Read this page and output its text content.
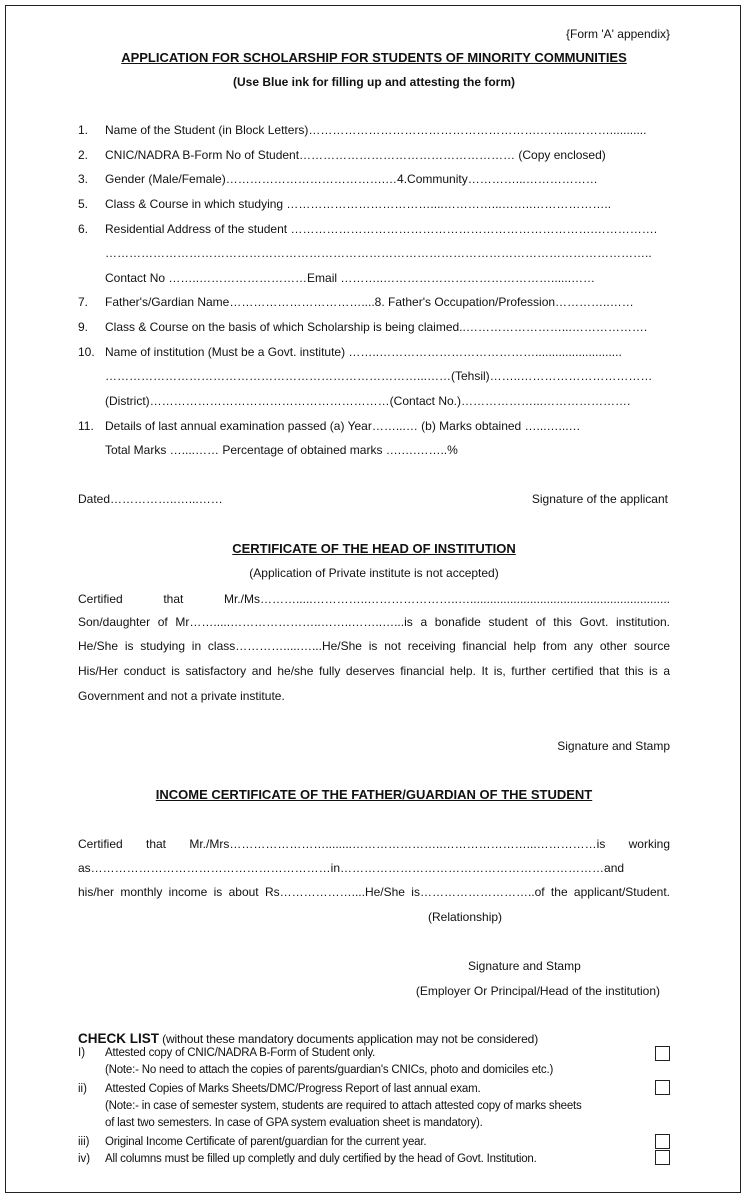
{Form 'A' appendix}
APPLICATION FOR SCHOLARSHIP FOR STUDENTS OF MINORITY COMMUNITIES
(Use Blue ink for filling up and attesting the form)
1. Name of the Student (in Block Letters)………………………………………………….……...………...........
2. CNIC/NADRA B-Form No of Student……………………………………………… (Copy enclosed)
3. Gender (Male/Female)………………………………….…4.Community…………...………………
5. Class & Course in which studying ………………………………....…………...……..………………..
6. Residential Address of the student ………………………………………………………………….…………….
………………………………………………………………………………………………………………………..
Contact No ……..………………………Email ………..……………………………………......……
7. Father's/Gardian Name……………………………....8. Father's Occupation/Profession…………..……
9. Class & Course on the basis of which Scholarship is being claimed..……………………...……………….
10. Name of institution (Must be a Govt. institute) ……..…………………………………..........................
……………………………………………………………………...……(Tehsil)……..……………………………
(District)……………………………………………………(Contact No.)………………...………………….
11. Details of last annual examination passed (a) Year……...… (b) Marks obtained …...…...…
Total Marks …....…… Percentage of obtained marks ….….……..%
Dated……………..…...……	Signature of the applicant
CERTIFICATE OF THE HEAD OF INSTITUTION
(Application of Private institute is not accepted)
Certified that Mr./Ms……….....…………..…………………..…............................................................
Son/daughter of Mr…….....…………………..……..……..…...is a bonafide student of this Govt. institution.
He/She is studying in class………….....…...He/She is not receiving financial help from any other source
His/Her conduct is satisfactory and he/she fully deserves financial help. It is, further certified that this is a
Government and not a private institute.
Signature and Stamp
INCOME CERTIFICATE OF THE FATHER/GUARDIAN OF THE STUDENT
Certified that Mr./Mrs……………………........…………………..…………………...……………is working
as……………………………………………………in…………………………………………………………and
his/her monthly income is about Rs………………....He/She is………………………..of the applicant/Student.
(Relationship)
Signature and Stamp
(Employer Or Principal/Head of the institution)
CHECK LIST (without these mandatory documents application may not be considered)
I) Attested copy of CNIC/NADRA B-Form of Student only.
(Note:- No need to attach the copies of parents/guardian's CNICs, photo and domiciles etc.)
ii) Attested Copies of Marks Sheets/DMC/Progress Report of last annual exam.
(Note:- in case of semester system, students are required to attach attested copy of marks sheets
of last two semesters. In case of GPA system evaluation sheet is mandatory).
iii) Original Income Certificate of parent/guardian for the current year.
iv) All columns must be filled up completly and duly certified by the head of Govt. Institution.
